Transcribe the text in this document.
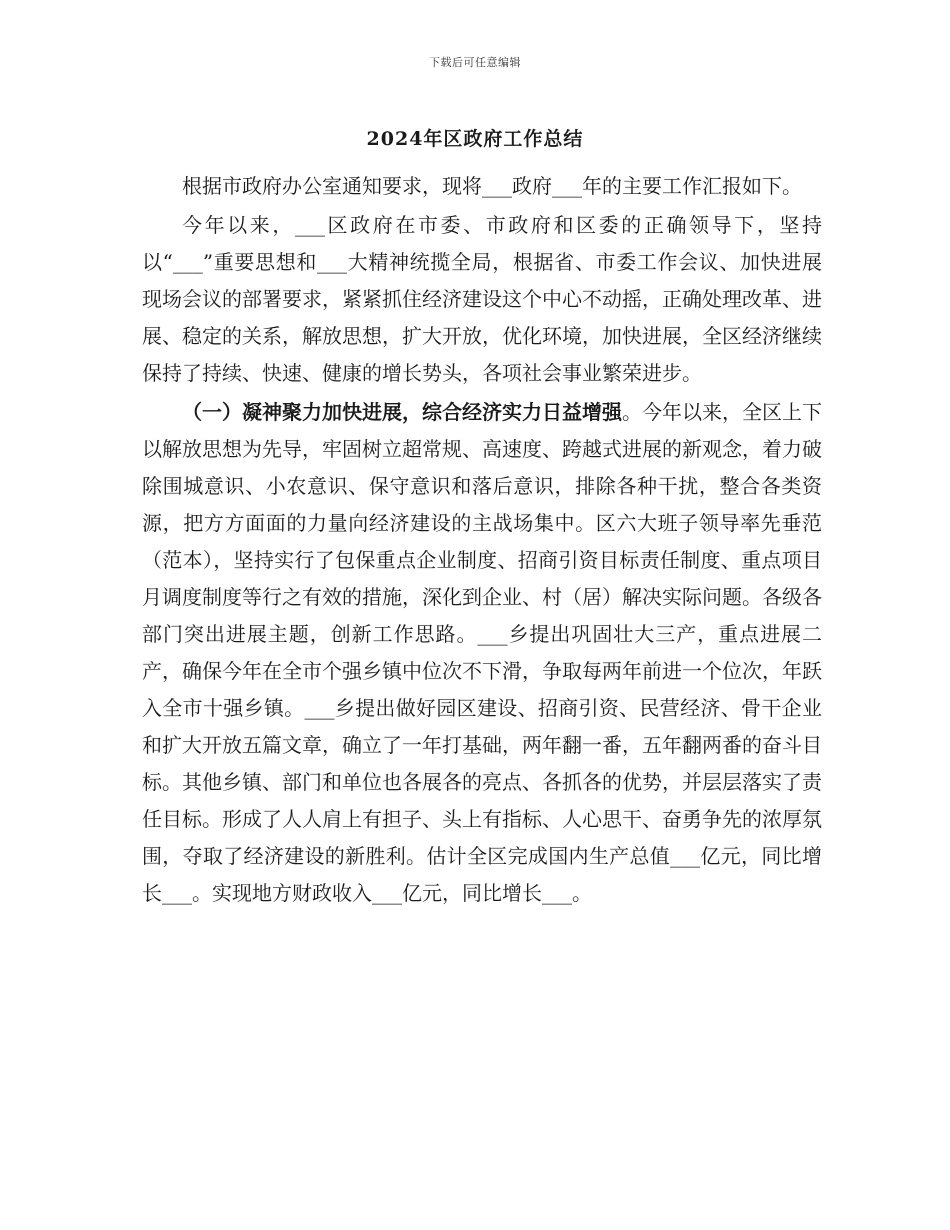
下载后可任意编辑
2024年区政府工作总结

根据市政府办公室通知要求，现将___政府___年的主要工作汇报如下。

今年以来，___区政府在市委、市政府和区委的正确领导下，坚持以“___”重要思想和___大精神统揽全局，根据省、市委工作会议、加快进展现场会议的部署要求，紧紧抓住经济建设这个中心不动摇，正确处理改革、进展、稳定的关系，解放思想，扩大开放，优化环境，加快进展，全区经济继续保持了持续、快速、健康的增长势头，各项社会事业繁荣进步。

（一）凝神聚力加快进展，综合经济实力日益增强。今年以来，全区上下以解放思想为先导，牢固树立超常规、高速度、跨越式进展的新观念，着力破除围城意识、小农意识、保守意识和落后意识，排除各种干扰，整合各类资源，把方方面面的力量向经济建设的主战场集中。区六大班子领导率先垂范（范本），坚持实行了包保重点企业制度、招商引资目标责任制度、重点项目月调度制度等行之有效的措施，深化到企业、村（居）解决实际问题。各级各部门突出进展主题，创新工作思路。___乡提出巩固壮大三产，重点进展二产，确保今年在全市个强乡镇中位次不下滑，争取每两年前进一个位次，年跃入全市十强乡镇。___乡提出做好园区建设、招商引资、民营经济、骨干企业和扩大开放五篇文章，确立了一年打基础，两年翻一番，五年翻两番的奋斗目标。其他乡镇、部门和单位也各展各的亮点、各抓各的优势，并层层落实了责任目标。形成了人人肩上有担子、头上有指标、人心思干、奋勇争先的浓厚氛围，夺取了经济建设的新胜利。估计全区完成国内生产总值___亿元，同比增长___。实现地方财政收入___亿元，同比增长___。
